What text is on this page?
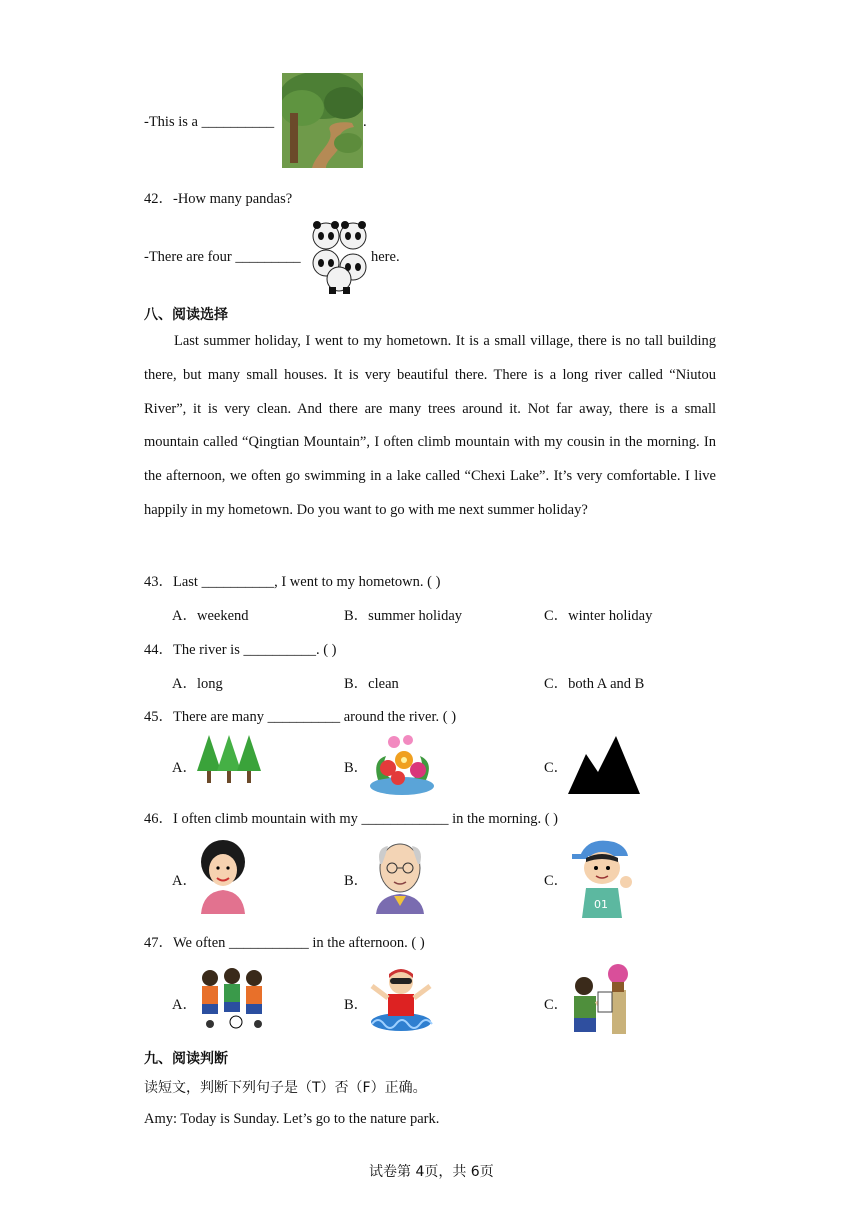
-This is a __________	.
42．-How many pandas?
-There are four _________	here.
八、阅读选择

Last summer holiday, I went to my hometown. It is a small village, there is no tall building there, but many small houses. It is very beautiful there. There is a long river called “Niutou River”, it is very clean. And there are many trees around it. Not far away, there is a small mountain called “Qingtian Mountain”, I often climb mountain with my cousin in the morning. In the afternoon, we often go swimming in a lake called “Chexi Lake”. It’s very comfortable. I live happily in my hometown. Do you want to go with me next summer holiday?

43．Last __________, I went to my hometown. ( )
A．weekend	B．summer holiday	C．winter holiday
44．The river is __________. ( )
A．long	B．clean	C．both A and B
45．There are many __________ around the river. ( )
A．	B．	C．
46．I often climb mountain with my ____________ in the morning. ( )
A．	B．	C．
01
47．We often ___________ in the afternoon. ( )
A．	B．	C．
九、阅读判断
读短文，判断下列句子是（T）否（F）正确。
Amy: Today is Sunday. Let’s go to the nature park.
试卷第 4页，共 6页
